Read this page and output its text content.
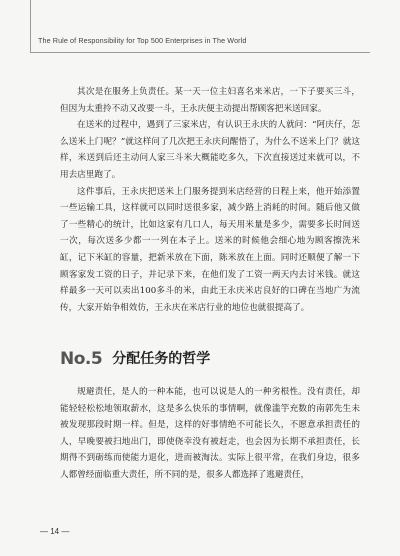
The Rule of Responsibility for Top 500 Enterprises in The World

其次是在服务上负责任。某一天一位主妇喜名来米店，一下子要买三斗，但因为太重拎不动又改要一斗，王永庆便主动提出帮顾客把米送回家。

在送米的过程中，遇到了三家米店，有认识王永庆的人就问：“阿庆仔，怎么送米上门呢？”就这样问了几次把王永庆问醒悟了，为什么不送米上门？就这样，米送到后还主动问人家三斗米大概能吃多久，下次直接送过来就可以，不用去店里跑了。

这件事后，王永庆把送米上门服务提到米店经营的日程上来，他开始添置一些运输工具，这样就可以同时送很多家，减少路上消耗的时间。随后他又做了一些精心的统计，比如这家有几口人，每天用米量是多少，需要多长时间送一次，每次送多少都一一列在本子上。送米的时候他会细心地为顾客擦洗米缸，记下米缸的容量，把新米放在下面，陈米放在上面。同时还顺便了解一下顾客家发工资的日子，并记录下来，在他们发了工资一两天内去讨米钱。就这样最多一天可以卖出100多斗的米，由此王永庆米店良好的口碑在当地广为流传，大家开始争相效仿，王永庆在米店行业的地位也就很提高了。

No.5 分配任务的哲学

规避责任，是人的一种本能，也可以说是人的一种劣根性。没有责任，却能轻轻松松地领取薪水，这是多么快乐的事情啊，就像滥竽充数的南郭先生未被发现那段时期一样。但是，这样的好事情绝不可能长久，不愿意承担责任的人，早晚要被扫地出门，即使侥幸没有被赶走，也会因为长期不承担责任，长期得不到砺练而使能力退化，进而被淘汰。实际上很平常，在我们身边，很多人都曾经面临重大责任，所不同的是，很多人都选择了逃避责任，

— 14 —
